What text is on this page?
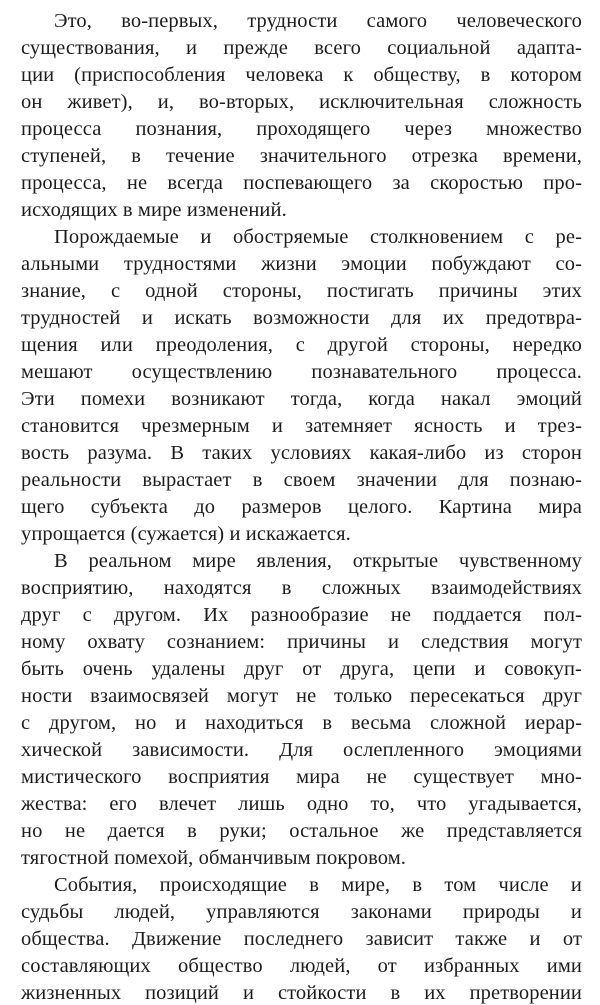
Это, во-первых, трудности самого человеческого
существования, и прежде всего социальной адапта-
ции (приспособления человека к обществу, в котором
он живет), и, во-вторых, исключительная сложность
процесса познания, проходящего через множество
ступеней, в течение значительного отрезка времени,
процесса, не всегда поспевающего за скоростью про-
исходящих в мире изменений.
Порождаемые и обостряемые столкновением с ре-
альными трудностями жизни эмоции побуждают со-
знание, с одной стороны, постигать причины этих
трудностей и искать возможности для их предотвра-
щения или преодоления, с другой стороны, нередко
мешают осуществлению познавательного процесса.
Эти помехи возникают тогда, когда накал эмоций
становится чрезмерным и затемняет ясность и трез-
вость разума. В таких условиях какая-либо из сторон
реальности вырастает в своем значении для познаю-
щего субъекта до размеров целого. Картина мира
упрощается (сужается) и искажается.
В реальном мире явления, открытые чувственному
восприятию, находятся в сложных взаимодействиях
друг с другом. Их разнообразие не поддается пол-
ному охвату сознанием: причины и следствия могут
быть очень удалены друг от друга, цепи и совокуп-
ности взаимосвязей могут не только пересекаться друг
с другом, но и находиться в весьма сложной иерар-
хической зависимости. Для ослепленного эмоциями
мистического восприятия мира не существует мно-
жества: его влечет лишь одно то, что угадывается,
но не дается в руки; остальное же представляется
тягостной помехой, обманчивым покровом.
События, происходящие в мире, в том числе и
судьбы людей, управляются законами природы и
общества. Движение последнего зависит также и от
составляющих общество людей, от избранных ими
жизненных позиций и стойкости в их претворении
